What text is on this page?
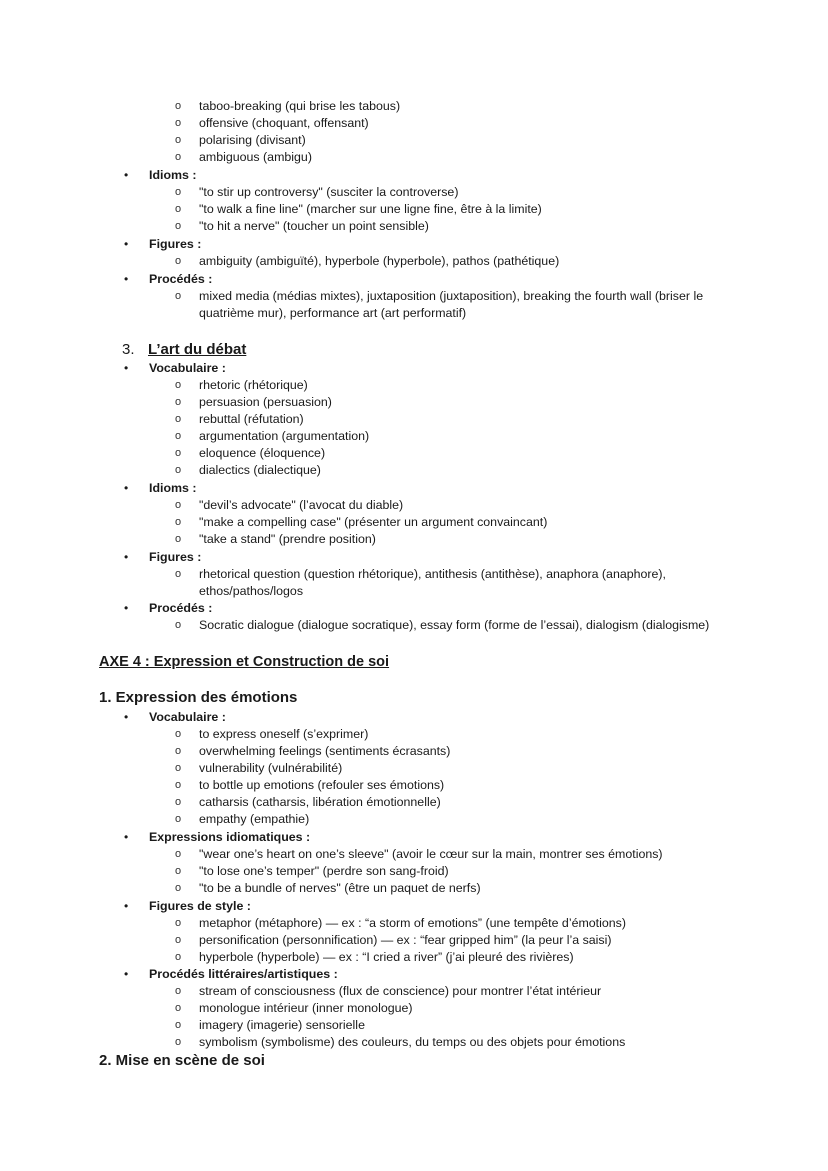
o taboo-breaking (qui brise les tabous)
o offensive (choquant, offensant)
o polarising (divisant)
o ambiguous (ambigu)
• Idioms :
o "to stir up controversy" (susciter la controverse)
o "to walk a fine line" (marcher sur une ligne fine, être à la limite)
o "to hit a nerve" (toucher un point sensible)
• Figures :
o ambiguity (ambiguïté), hyperbole (hyperbole), pathos (pathétique)
• Procédés :
o mixed media (médias mixtes), juxtaposition (juxtaposition), breaking the fourth wall (briser le
quatrième mur), performance art (art performatif)
3. L’art du débat
• Vocabulaire :
o rhetoric (rhétorique)
o persuasion (persuasion)
o rebuttal (réfutation)
o argumentation (argumentation)
o eloquence (éloquence)
o dialectics (dialectique)
• Idioms :
o "devil’s advocate" (l’avocat du diable)
o "make a compelling case" (présenter un argument convaincant)
o "take a stand" (prendre position)
• Figures :
o rhetorical question (question rhétorique), antithesis (antithèse), anaphora (anaphore),
ethos/pathos/logos
• Procédés :
o Socratic dialogue (dialogue socratique), essay form (forme de l’essai), dialogism (dialogisme)
AXE 4 : Expression et Construction de soi
1. Expression des émotions
• Vocabulaire :
o to express oneself (s’exprimer)
o overwhelming feelings (sentiments écrasants)
o vulnerability (vulnérabilité)
o to bottle up emotions (refouler ses émotions)
o catharsis (catharsis, libération émotionnelle)
o empathy (empathie)
• Expressions idiomatiques :
o "wear one’s heart on one’s sleeve" (avoir le cœur sur la main, montrer ses émotions)
o "to lose one’s temper" (perdre son sang-froid)
o "to be a bundle of nerves" (être un paquet de nerfs)
• Figures de style :
o metaphor (métaphore) — ex : “a storm of emotions” (une tempête d’émotions)
o personification (personnification) — ex : “fear gripped him” (la peur l’a saisi)
o hyperbole (hyperbole) — ex : “I cried a river” (j’ai pleuré des rivières)
• Procédés littéraires/artistiques :
o stream of consciousness (flux de conscience) pour montrer l’état intérieur
o monologue intérieur (inner monologue)
o imagery (imagerie) sensorielle
o symbolism (symbolisme) des couleurs, du temps ou des objets pour émotions
2. Mise en scène de soi
